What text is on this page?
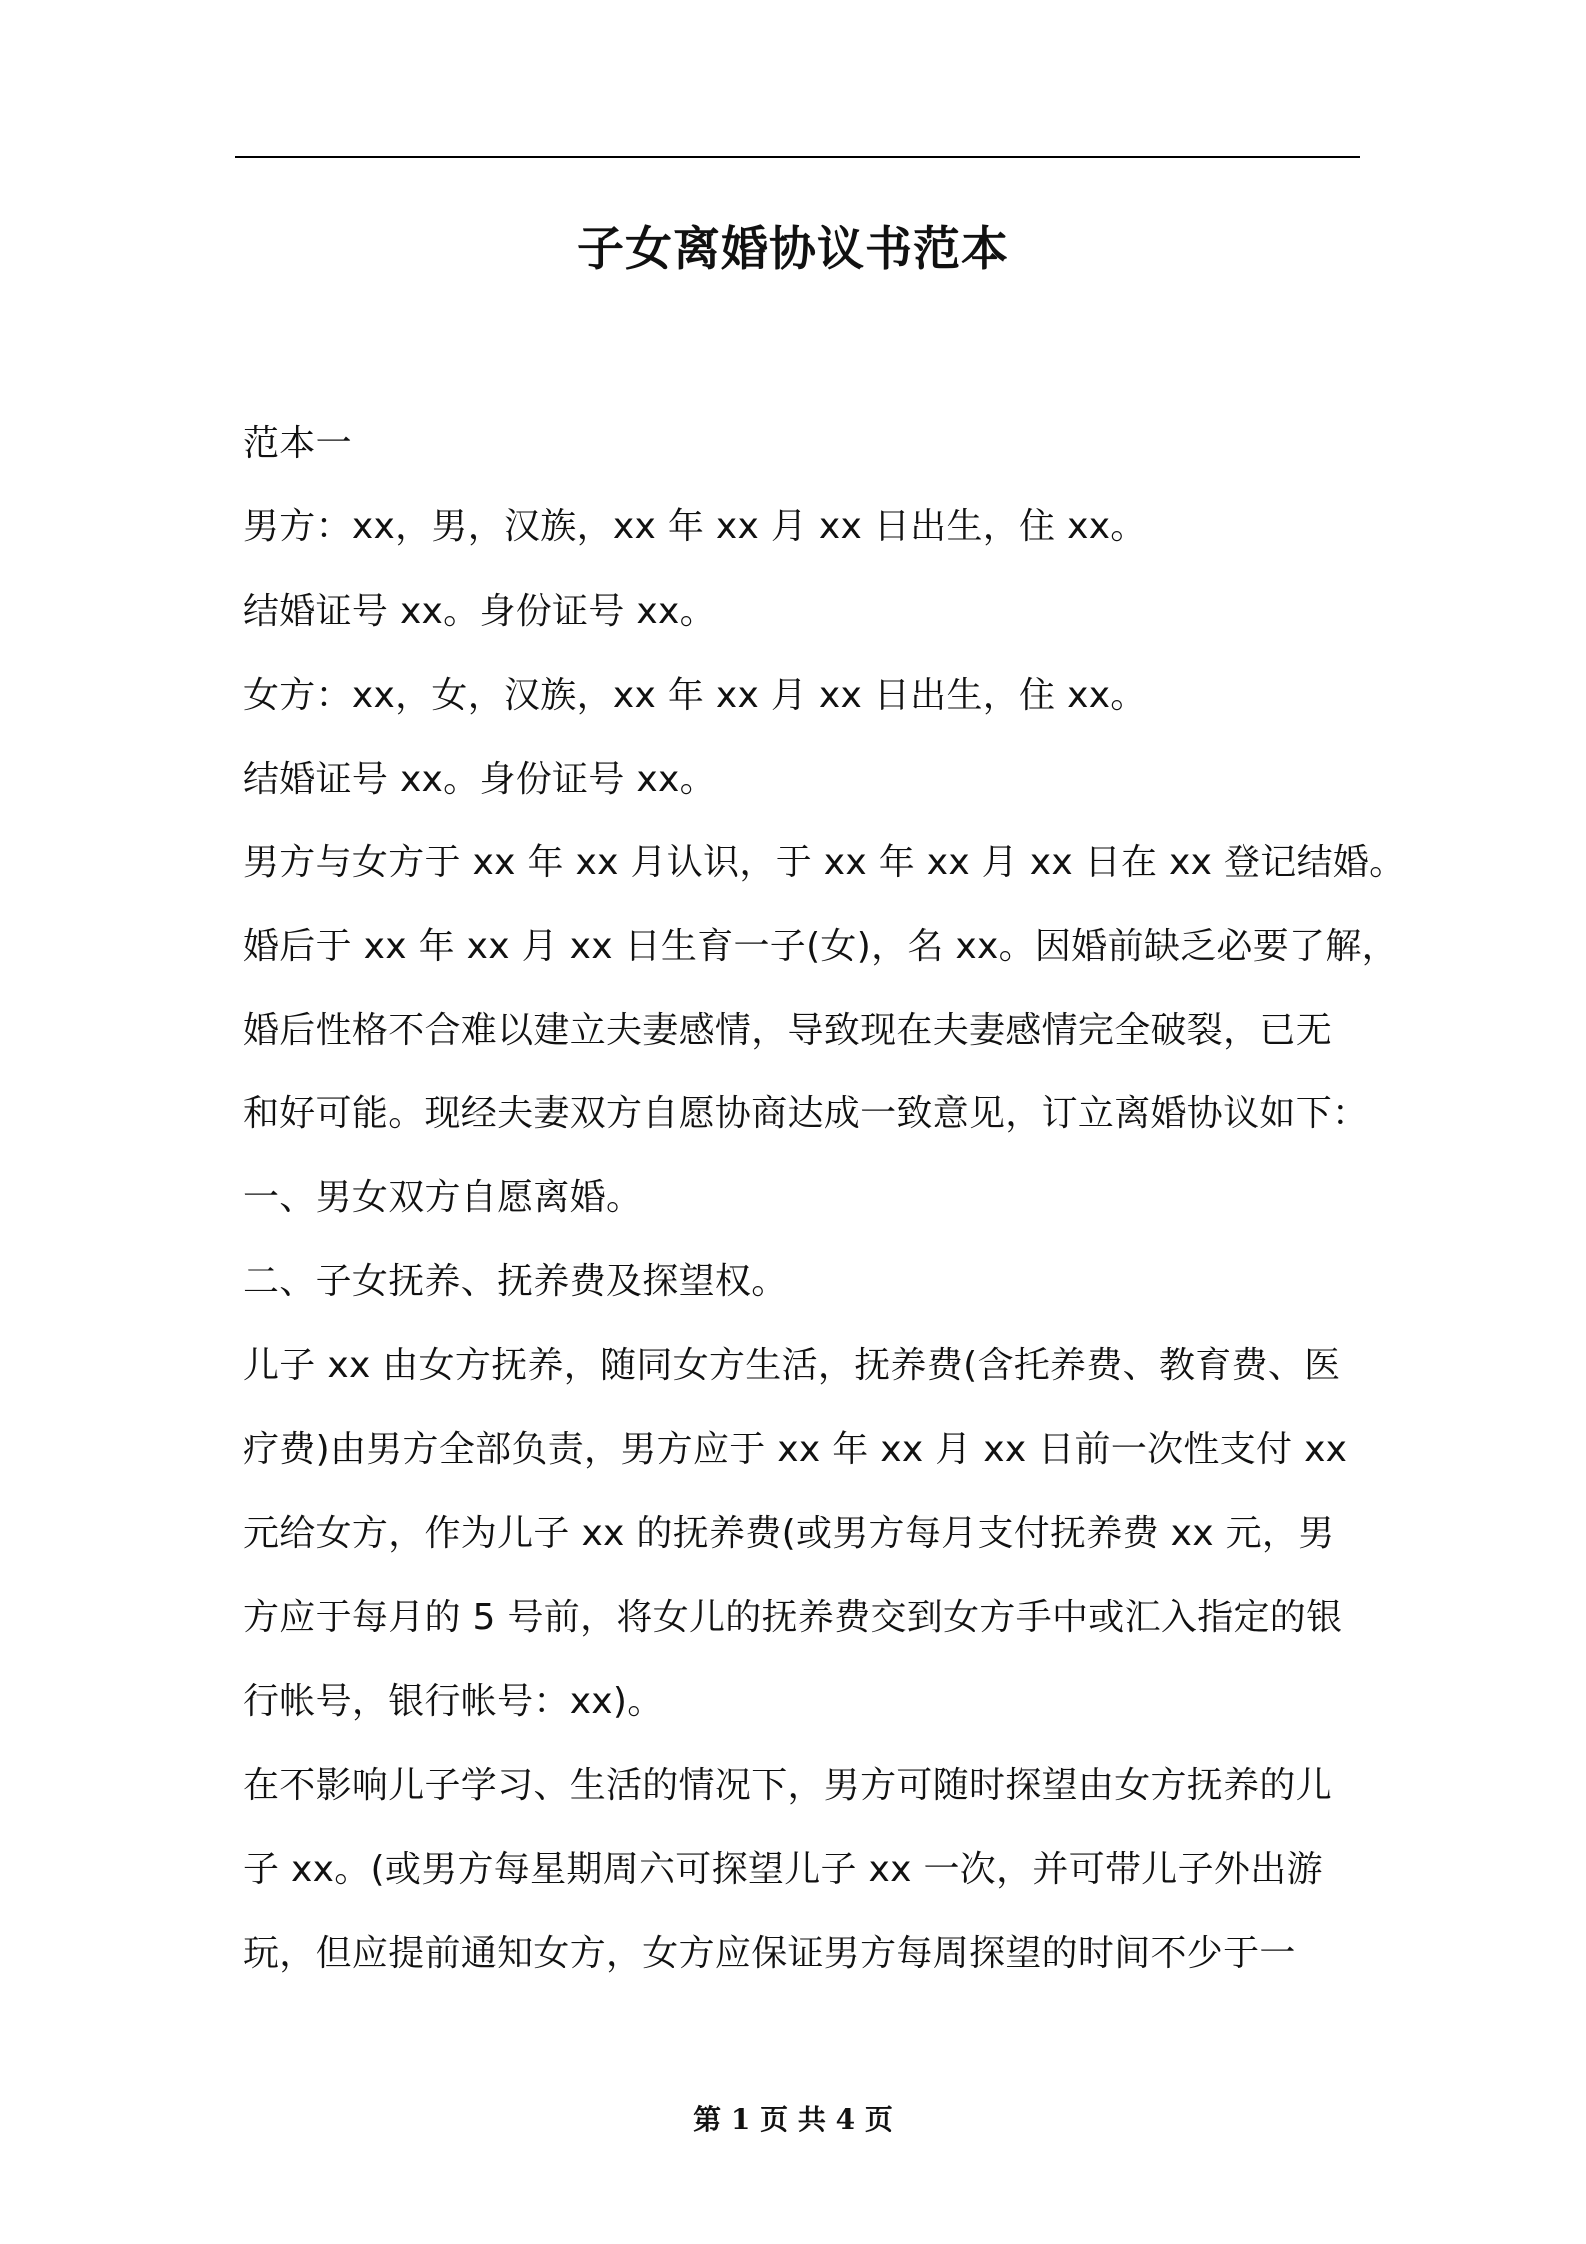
子女离婚协议书范本
范本一
男方：xx，男，汉族，xx 年 xx 月 xx 日出生，住 xx。
结婚证号 xx。身份证号 xx。
女方：xx，女，汉族，xx 年 xx 月 xx 日出生，住 xx。
结婚证号 xx。身份证号 xx。
男方与女方于 xx 年 xx 月认识，于 xx 年 xx 月 xx 日在 xx 登记结婚。
婚后于 xx 年 xx 月 xx 日生育一子(女)，名 xx。因婚前缺乏必要了解，
婚后性格不合难以建立夫妻感情，导致现在夫妻感情完全破裂，已无
和好可能。现经夫妻双方自愿协商达成一致意见，订立离婚协议如下：
一、男女双方自愿离婚。
二、子女抚养、抚养费及探望权。
儿子 xx 由女方抚养，随同女方生活，抚养费(含托养费、教育费、医
疗费)由男方全部负责，男方应于 xx 年 xx 月 xx 日前一次性支付 xx
元给女方，作为儿子 xx 的抚养费(或男方每月支付抚养费 xx 元，男
方应于每月的 5 号前，将女儿的抚养费交到女方手中或汇入指定的银
行帐号，银行帐号：xx)。
在不影响儿子学习、生活的情况下，男方可随时探望由女方抚养的儿
子 xx。(或男方每星期周六可探望儿子 xx 一次，并可带儿子外出游
玩，但应提前通知女方，女方应保证男方每周探望的时间不少于一
第 1 页 共 4 页
